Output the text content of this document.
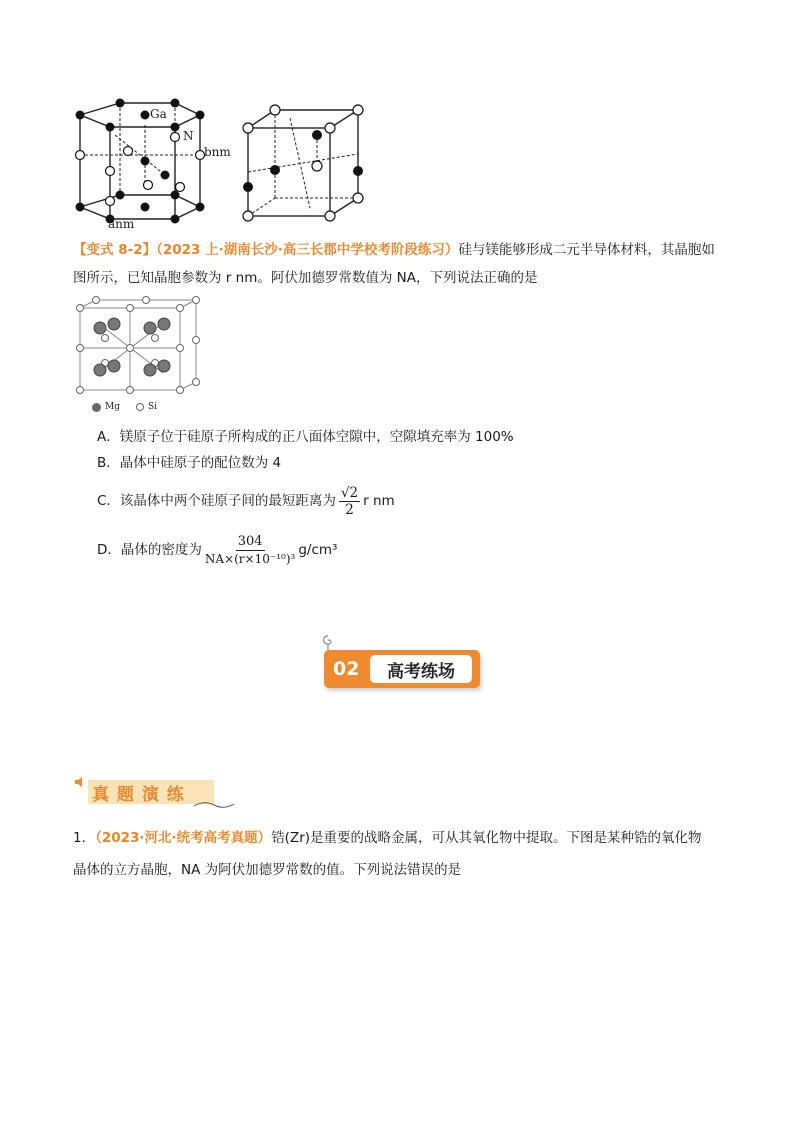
Ga
N
bnm
anm
【变式 8-2】（2023 上·湖南长沙·高三长郡中学校考阶段练习）硅与镁能够形成二元半导体材料，其晶胞如
图所示，已知晶胞参数为 r nm。阿伏加德罗常数值为 NA，下列说法正确的是
Mg	Si
A．镁原子位于硅原子所构成的正八面体空隙中，空隙填充率为 100%
B．晶体中硅原子的配位数为 4
C．该晶体中两个硅原子间的最短距离为 $\frac{√2}{2}$ r nm
D．晶体的密度为 $\frac{304}{\text{NA×(r×10⁻¹⁰)³}} g/cm^3$
02 高考练场
真 题 演 练
1．（2023·河北·统考高考真题）锆(Zr)是重要的战略金属，可从其氧化物中提取。下图是某种锆的氧化物
晶体的立方晶胞，NA 为阿伏加德罗常数的值。下列说法错误的是
